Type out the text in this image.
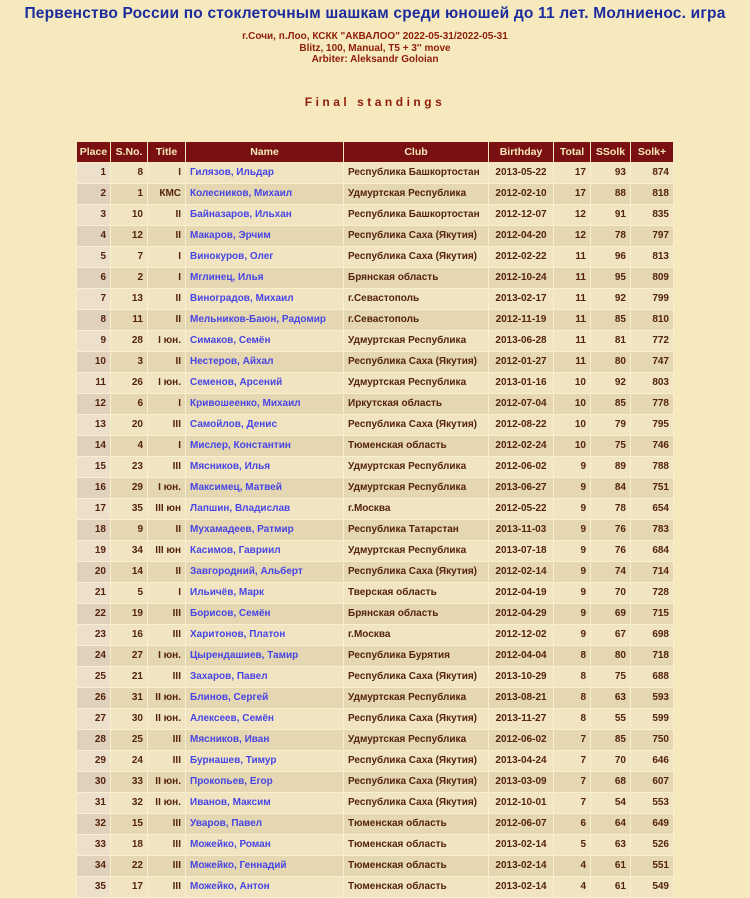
Первенство России по стоклеточным шашкам среди юношей до 11 лет. Молниенос. игра
г.Сочи, п.Лоо, КСКК "АКВАЛОО" 2022-05-31/2022-05-31
Blitz, 100, Manual, T5 + 3'' move
Arbiter: Aleksandr Goloian
Final standings
Place	S.No.	Title	Name	Club	Birthday	Total	SSolk	Solk+
1	8	I	Гилязов, Ильдар	Республика Башкортостан	2013-05-22	17	93	874
2	1	КМС	Колесников, Михаил	Удмуртская Республика	2012-02-10	17	88	818
3	10	II	Байназаров, Ильхан	Республика Башкортостан	2012-12-07	12	91	835
4	12	II	Макаров, Эрчим	Республика Саха (Якутия)	2012-04-20	12	78	797
5	7	I	Винокуров, Олег	Республика Саха (Якутия)	2012-02-22	11	96	813
6	2	I	Мглинец, Илья	Брянская область	2012-10-24	11	95	809
7	13	II	Виноградов, Михаил	г.Севастополь	2013-02-17	11	92	799
8	11	II	Мельников-Баюн, Радомир	г.Севастополь	2012-11-19	11	85	810
9	28	I юн.	Симаков, Семён	Удмуртская Республика	2013-06-28	11	81	772
10	3	II	Нестеров, Айхал	Республика Саха (Якутия)	2012-01-27	11	80	747
11	26	I юн.	Семенов, Арсений	Удмуртская Республика	2013-01-16	10	92	803
12	6	I	Кривошеенко, Михаил	Иркутская область	2012-07-04	10	85	778
13	20	III	Самойлов, Денис	Республика Саха (Якутия)	2012-08-22	10	79	795
14	4	I	Мислер, Константин	Тюменская область	2012-02-24	10	75	746
15	23	III	Мясников, Илья	Удмуртская Республика	2012-06-02	9	89	788
16	29	I юн.	Максимец, Матвей	Удмуртская Республика	2013-06-27	9	84	751
17	35	III юн	Лапшин, Владислав	г.Москва	2012-05-22	9	78	654
18	9	II	Мухамадеев, Ратмир	Республика Татарстан	2013-11-03	9	76	783
19	34	III юн	Касимов, Гавриил	Удмуртская Республика	2013-07-18	9	76	684
20	14	II	Завгородний, Альберт	Республика Саха (Якутия)	2012-02-14	9	74	714
21	5	I	Ильичёв, Марк	Тверская область	2012-04-19	9	70	728
22	19	III	Борисов, Семён	Брянская область	2012-04-29	9	69	715
23	16	III	Харитонов, Платон	г.Москва	2012-12-02	9	67	698
24	27	I юн.	Цырендашиев, Тамир	Республика Бурятия	2012-04-04	8	80	718
25	21	III	Захаров, Павел	Республика Саха (Якутия)	2013-10-29	8	75	688
26	31	II юн.	Блинов, Сергей	Удмуртская Республика	2013-08-21	8	63	593
27	30	II юн.	Алексеев, Семён	Республика Саха (Якутия)	2013-11-27	8	55	599
28	25	III	Мясников, Иван	Удмуртская Республика	2012-06-02	7	85	750
29	24	III	Бурнашев, Тимур	Республика Саха (Якутия)	2013-04-24	7	70	646
30	33	II юн.	Прокопьев, Егор	Республика Саха (Якутия)	2013-03-09	7	68	607
31	32	II юн.	Иванов, Максим	Республика Саха (Якутия)	2012-10-01	7	54	553
32	15	III	Уваров, Павел	Тюменская область	2012-06-07	6	64	649
33	18	III	Можейко, Роман	Тюменская область	2013-02-14	5	63	526
34	22	III	Можейко, Геннадий	Тюменская область	2013-02-14	4	61	551
35	17	III	Можейко, Антон	Тюменская область	2013-02-14	4	61	549
